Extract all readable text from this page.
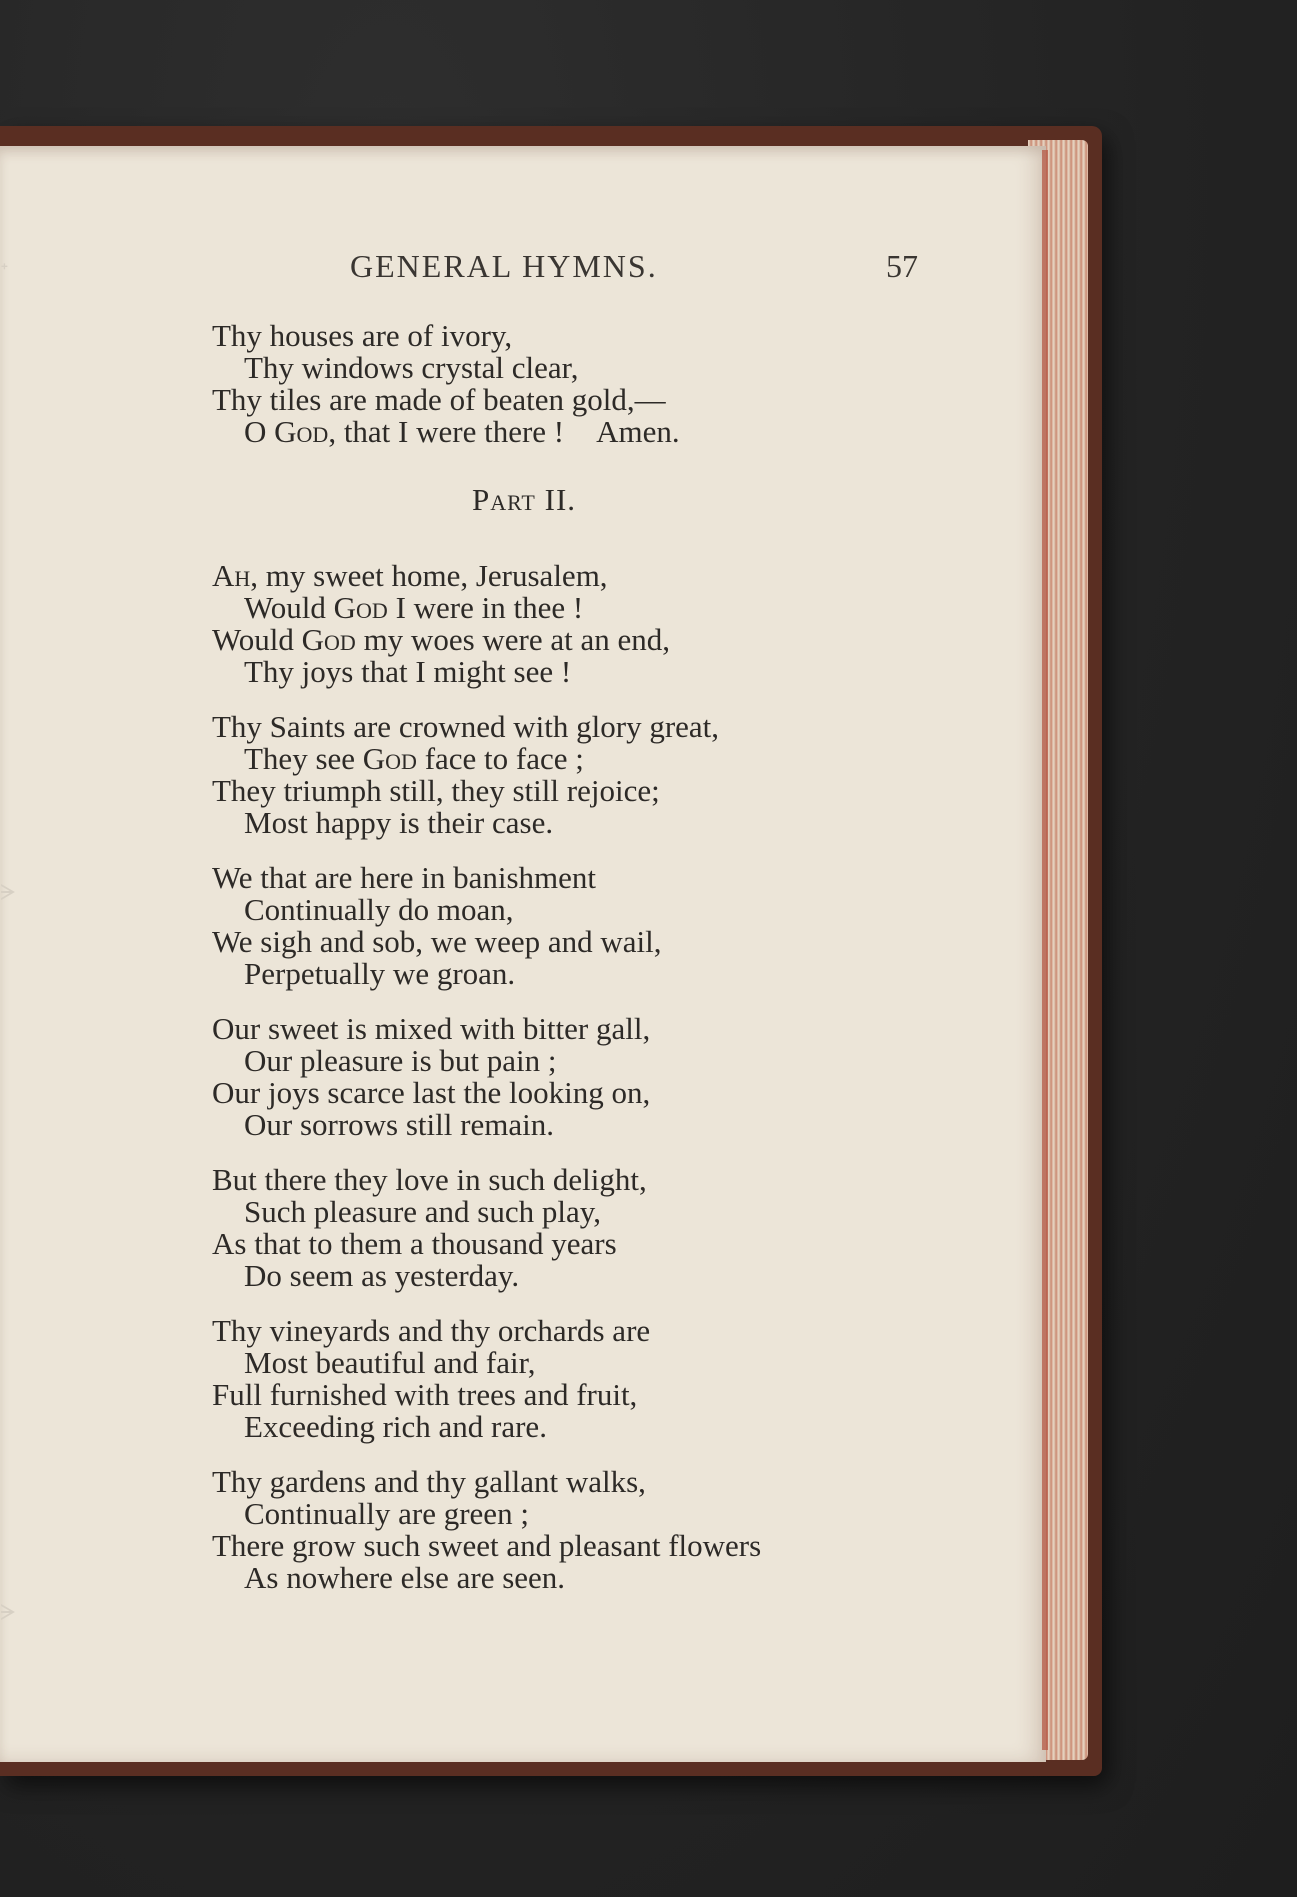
GENERAL HYMNS.	57
Thy houses are of ivory,
Thy windows crystal clear,
Thy tiles are made of beaten gold,—
O God, that I were there ! Amen.
Part II.
Ah, my sweet home, Jerusalem,
Would God I were in thee !
Would God my woes were at an end,
Thy joys that I might see !
Thy Saints are crowned with glory great,
They see God face to face ;
They triumph still, they still rejoice;
Most happy is their case.
We that are here in banishment
Continually do moan,
We sigh and sob, we weep and wail,
Perpetually we groan.
Our sweet is mixed with bitter gall,
Our pleasure is but pain ;
Our joys scarce last the looking on,
Our sorrows still remain.
But there they love in such delight,
Such pleasure and such play,
As that to them a thousand years
Do seem as yesterday.
Thy vineyards and thy orchards are
Most beautiful and fair,
Full furnished with trees and fruit,
Exceeding rich and rare.
Thy gardens and thy gallant walks,
Continually are green ;
There grow such sweet and pleasant flowers
As nowhere else are seen.
